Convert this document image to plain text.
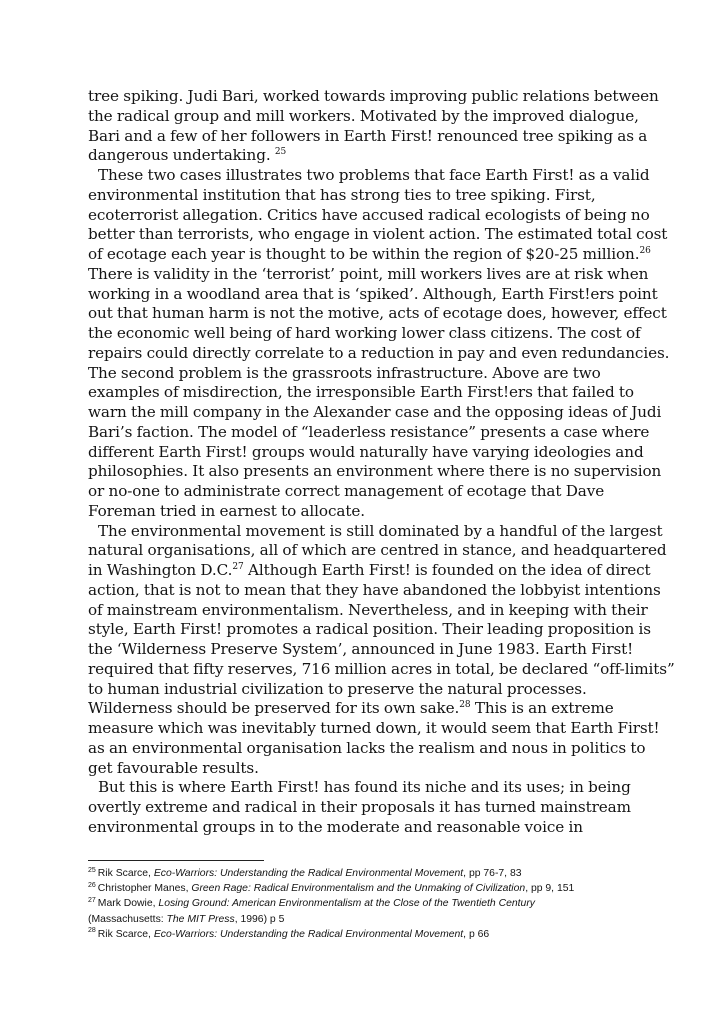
tree spiking. Judi Bari, worked towards improving public relations between
the radical group and mill workers. Motivated by the improved dialogue,
Bari and a few of her followers in Earth First! renounced tree spiking as a
dangerous undertaking. $^{25}$
These two cases illustrates two problems that face Earth First! as a valid
environmental institution that has strong ties to tree spiking. First,
ecoterrorist allegation. Critics have accused radical ecologists of being no
better than terrorists, who engage in violent action. The estimated total cost
of ecotage each year is thought to be within the region of $20-25 million.$^{26}$
There is validity in the ‘terrorist’ point, mill workers lives are at risk when
working in a woodland area that is ‘spiked’. Although, Earth First!ers point
out that human harm is not the motive, acts of ecotage does, however, effect
the economic well being of hard working lower class citizens. The cost of
repairs could directly correlate to a reduction in pay and even redundancies.
The second problem is the grassroots infrastructure. Above are two
examples of misdirection, the irresponsible Earth First!ers that failed to
warn the mill company in the Alexander case and the opposing ideas of Judi
Bari’s faction. The model of “leaderless resistance” presents a case where
different Earth First! groups would naturally have varying ideologies and
philosophies. It also presents an environment where there is no supervision
or no-one to administrate correct management of ecotage that Dave
Foreman tried in earnest to allocate.
The environmental movement is still dominated by a handful of the largest
natural organisations, all of which are centred in stance, and headquartered
in Washington D.C.$^{27}$ Although Earth First! is founded on the idea of direct
action, that is not to mean that they have abandoned the lobbyist intentions
of mainstream environmentalism. Nevertheless, and in keeping with their
style, Earth First! promotes a radical position. Their leading proposition is
the ‘Wilderness Preserve System’, announced in June 1983. Earth First!
required that fifty reserves, 716 million acres in total, be declared “off-limits”
to human industrial civilization to preserve the natural processes.
Wilderness should be preserved for its own sake.$^{28}$ This is an extreme
measure which was inevitably turned down, it would seem that Earth First!
as an environmental organisation lacks the realism and nous in politics to
get favourable results.
But this is where Earth First! has found its niche and its uses; in being
overtly extreme and radical in their proposals it has turned mainstream
environmental groups in to the moderate and reasonable voice in
$^{25}$ Rik Scarce, Eco-Warriors: Understanding the Radical Environmental Movement, pp 76-7, 83
$^{26}$ Christopher Manes, Green Rage: Radical Environmentalism and the Unmaking of Civilization, pp 9, 151
$^{27}$ Mark Dowie, Losing Ground: American Environmentalism at the Close of the Twentieth Century
(Massachusetts: The MIT Press, 1996) p 5
$^{28}$ Rik Scarce, Eco-Warriors: Understanding the Radical Environmental Movement, p 66
